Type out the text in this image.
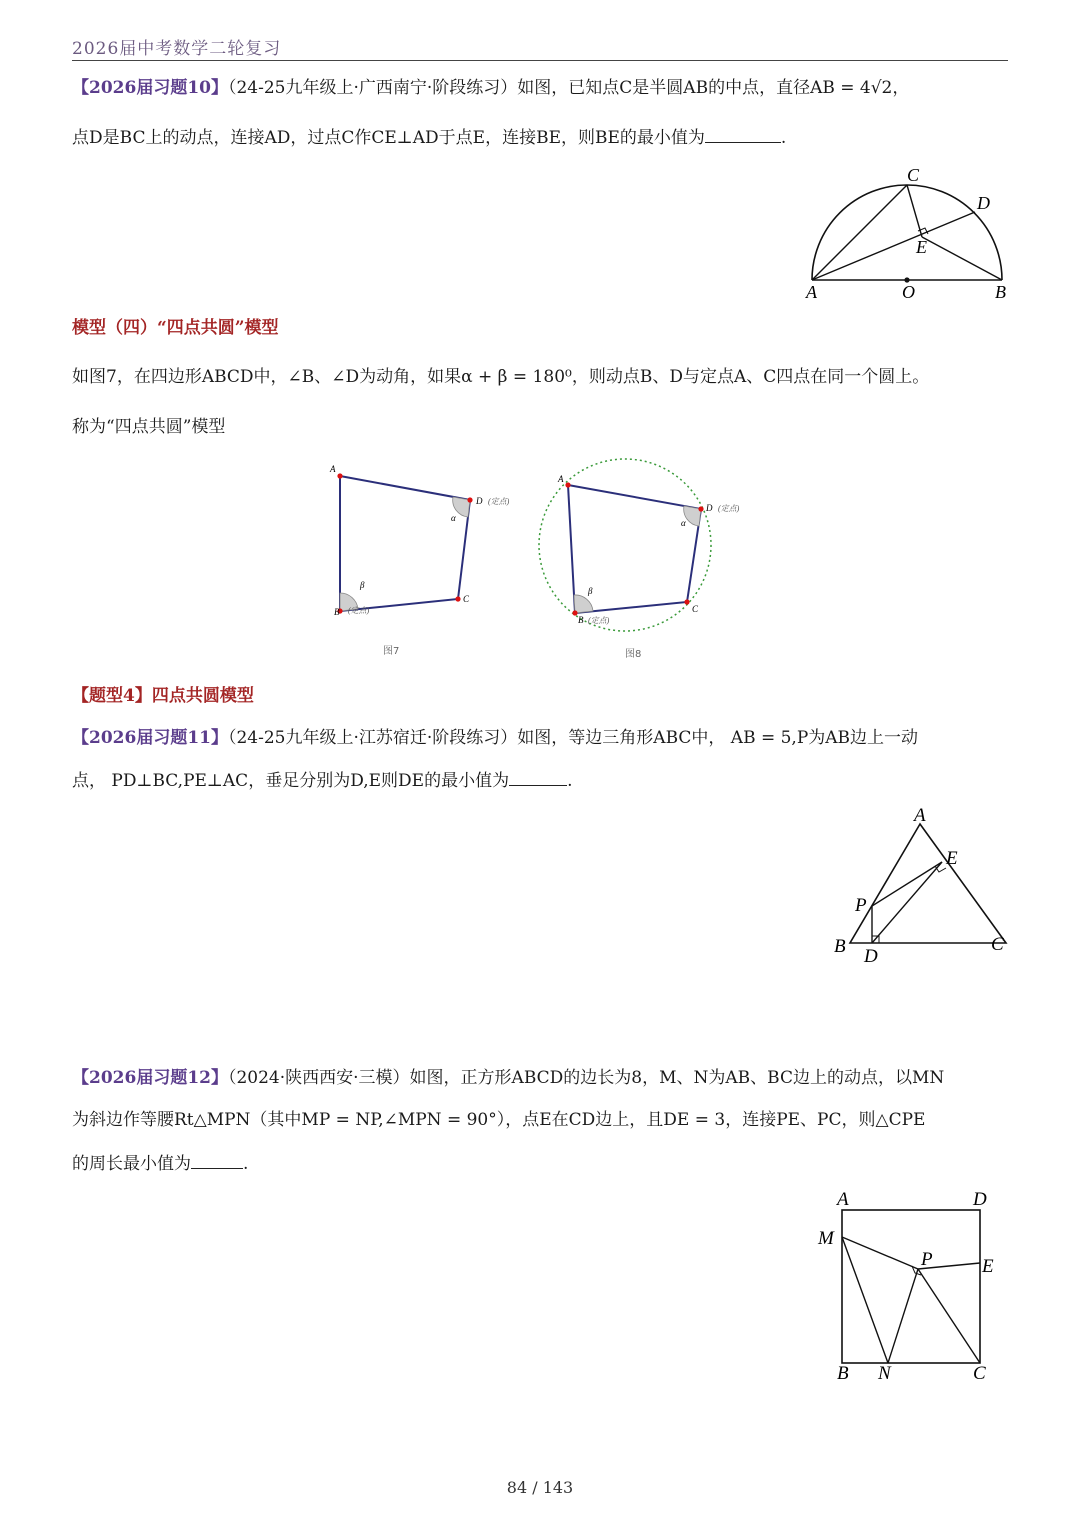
2026届中考数学二轮复习
【2026届习题10】（24-25九年级上·广西南宁·阶段练习）如图，已知点C是半圆AB的中点，直径AB = 4√2，
点D是BC上的动点，连接AD，过点C作CE⊥AD于点E，连接BE，则BE的最小值为	.
A	O	B
C
D
E
模型（四）“四点共圆”模型
如图7，在四边形ABCD中，∠B、∠D为动角，如果α + β = 180⁰，则动点B、D与定点A、C四点在同一个圆上。
称为“四点共圆”模型
A
D (定点)
C
B (定点)
α
β
图7
A
D (定点)
C
B (定点)
α
β
图8
【题型4】四点共圆模型
【2026届习题11】（24-25九年级上·江苏宿迁·阶段练习）如图，等边三角形ABC中， AB = 5,P为AB边上一动
点， PD⊥BC,PE⊥AC，垂足分别为D,E则DE的最小值为	.
A
B	C
D
E
P
【2026届习题12】（2024·陕西西安·三模）如图，正方形ABCD的边长为8，M、N为AB、BC边上的动点，以MN
为斜边作等腰Rt△MPN（其中MP = NP,∠MPN = 90°），点E在CD边上，且DE = 3，连接PE、PC，则△CPE
的周长最小值为	.
A	D
B	C
M
N
P	E
84 / 143
